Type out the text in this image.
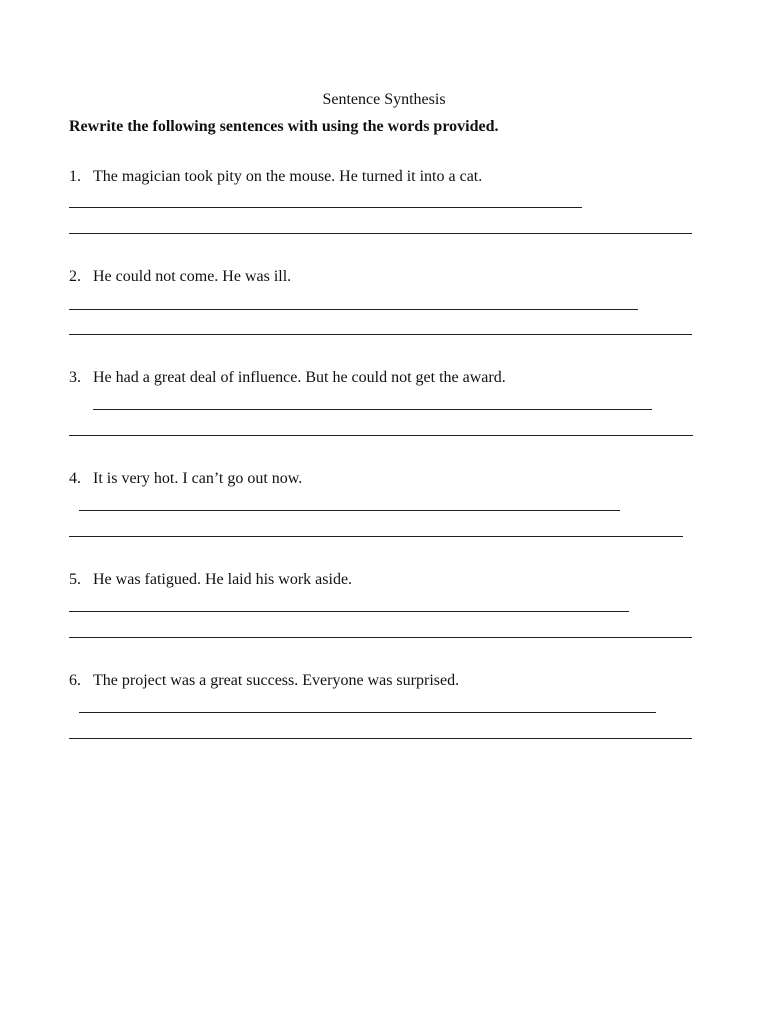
Sentence Synthesis
Rewrite the following sentences with using the words provided.
1. The magician took pity on the mouse. He turned it into a cat.
2. He could not come. He was ill.
3. He had a great deal of influence. But he could not get the award.
4. It is very hot. I can’t go out now.
5. He was fatigued. He laid his work aside.
6. The project was a great success. Everyone was surprised.
